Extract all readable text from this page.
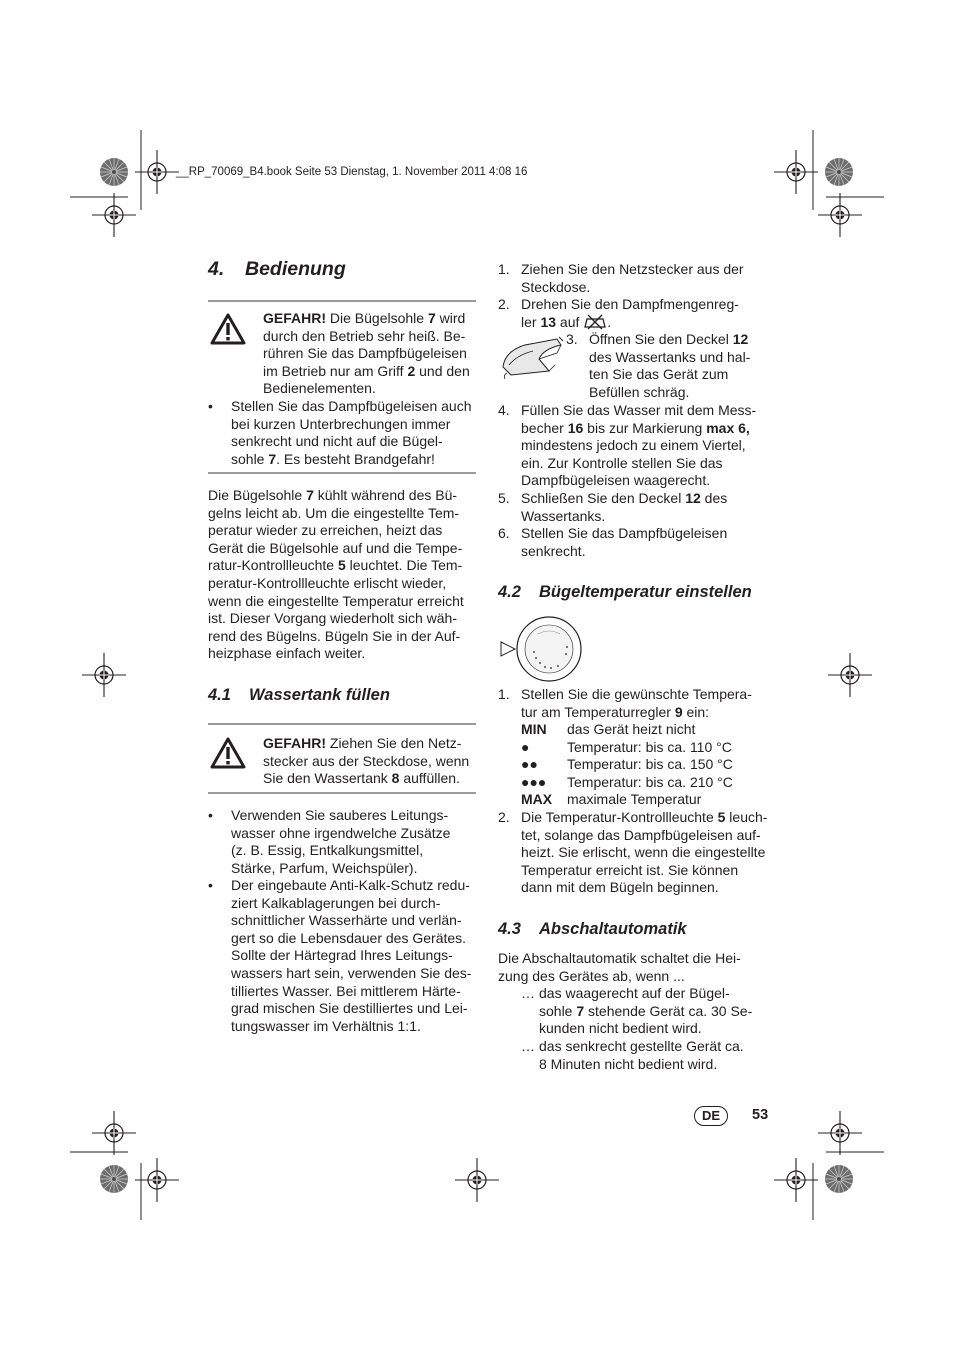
__RP_70069_B4.book Seite 53 Dienstag, 1. November 2011 4:08 16
4. Bedienung
GEFAHR! Die Bügelsohle 7 wird
durch den Betrieb sehr heiß. Be-
rühren Sie das Dampfbügeleisen
im Betrieb nur am Griff 2 und den
Bedienelementen.
• Stellen Sie das Dampfbügeleisen auch
bei kurzen Unterbrechungen immer
senkrecht und nicht auf die Bügel-
sohle 7. Es besteht Brandgefahr!
Die Bügelsohle 7 kühlt während des Bü-
gelns leicht ab. Um die eingestellte Tem-
peratur wieder zu erreichen, heizt das
Gerät die Bügelsohle auf und die Tempe-
ratur-Kontrollleuchte 5 leuchtet. Die Tem-
peratur-Kontrollleuchte erlischt wieder,
wenn die eingestellte Temperatur erreicht
ist. Dieser Vorgang wiederholt sich wäh-
rend des Bügelns. Bügeln Sie in der Auf-
heizphase einfach weiter.
4.1 Wassertank füllen
GEFAHR! Ziehen Sie den Netz-
stecker aus der Steckdose, wenn
Sie den Wassertank 8 auffüllen.
• Verwenden Sie sauberes Leitungs-
wasser ohne irgendwelche Zusätze
(z. B. Essig, Entkalkungsmittel,
Stärke, Parfum, Weichspüler).
• Der eingebaute Anti-Kalk-Schutz redu-
ziert Kalkablagerungen bei durch-
schnittlicher Wasserhärte und verlän-
gert so die Lebensdauer des Gerätes.
Sollte der Härtegrad Ihres Leitungs-
wassers hart sein, verwenden Sie des-
tilliertes Wasser. Bei mittlerem Härte-
grad mischen Sie destilliertes und Lei-
tungswasser im Verhältnis 1:1.
1. Ziehen Sie den Netzstecker aus der
Steckdose.
2. Drehen Sie den Dampfmengenreg-
ler 13 auf .
3. Öffnen Sie den Deckel 12
des Wassertanks und hal-
ten Sie das Gerät zum
Befüllen schräg.
4. Füllen Sie das Wasser mit dem Mess-
becher 16 bis zur Markierung max 6,
mindestens jedoch zu einem Viertel,
ein. Zur Kontrolle stellen Sie das
Dampfbügeleisen waagerecht.
5. Schließen Sie den Deckel 12 des
Wassertanks.
6. Stellen Sie das Dampfbügeleisen
senkrecht.
4.2 Bügeltemperatur einstellen
1. Stellen Sie die gewünschte Tempera-
tur am Temperaturregler 9 ein:
MIN das Gerät heizt nicht
●	Temperatur: bis ca. 110 °C
●● Temperatur: bis ca. 150 °C
●●● Temperatur: bis ca. 210 °C
MAX maximale Temperatur
2. Die Temperatur-Kontrollleuchte 5 leuch-
tet, solange das Dampfbügeleisen auf-
heizt. Sie erlischt, wenn die eingestellte
Temperatur erreicht ist. Sie können
dann mit dem Bügeln beginnen.
4.3 Abschaltautomatik
Die Abschaltautomatik schaltet die Hei-
zung des Gerätes ab, wenn ...
… das waagerecht auf der Bügel-
sohle 7 stehende Gerät ca. 30 Se-
kunden nicht bedient wird.
… das senkrecht gestellte Gerät ca.
8 Minuten nicht bedient wird.
DE	53
